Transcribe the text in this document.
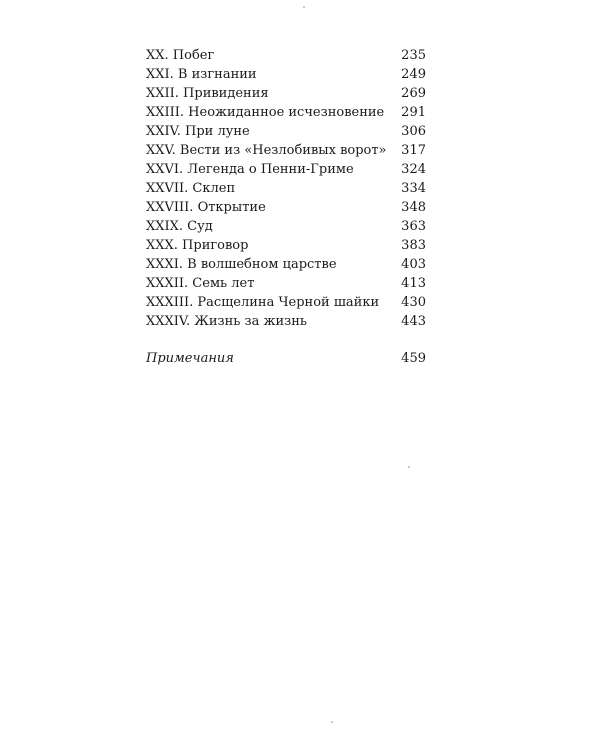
XX. Побег	235
XXI. В изгнании	249
XXII. Привидения	269
XXIII. Неожиданное исчезновение 291
XXIV. При луне	306
XXV. Вести из «Незлобивых ворот» 317
XXVI. Легенда о Пенни-Гриме	324
XXVII. Склеп	334
XXVIII. Открытие	348
XXIX. Суд	363
XXX. Приговор	383
XXXI. В волшебном царстве	403
XXXII. Семь лет	413
XXXIII. Расщелина Черной шайки 430
XXXIV. Жизнь за жизнь	443
Примечания	459
